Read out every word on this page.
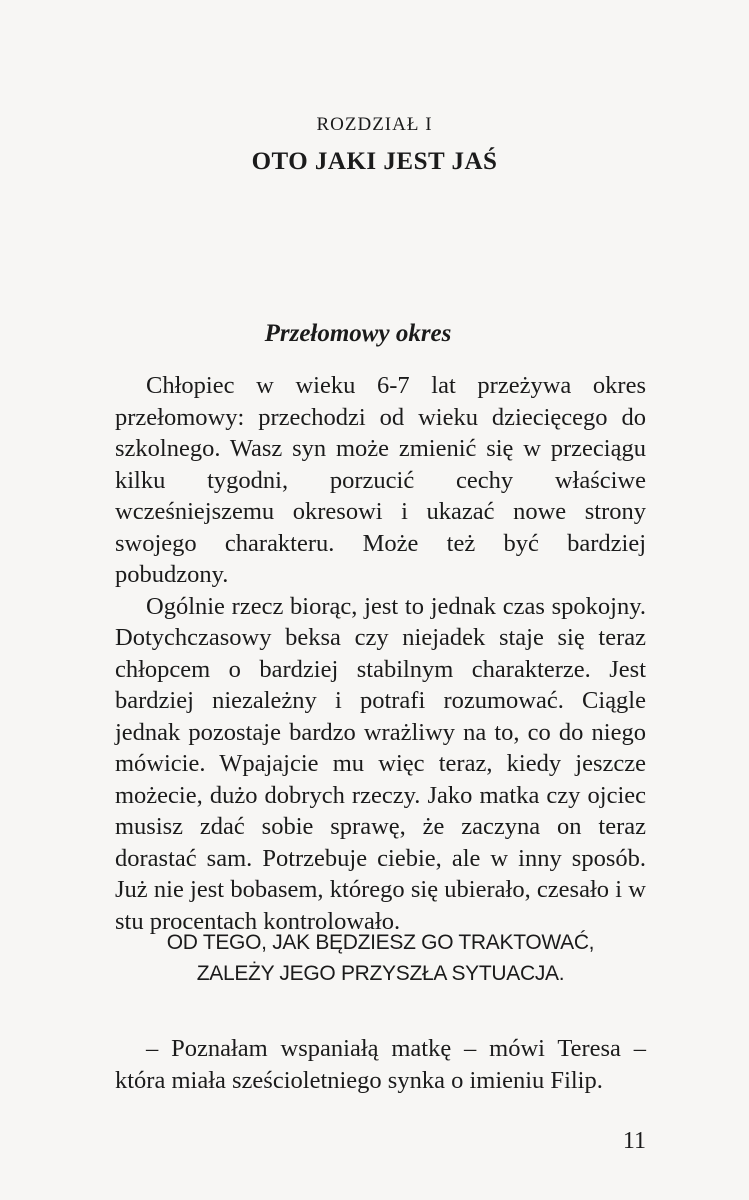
ROZDZIAŁ I
OTO JAKI JEST JAŚ
Przełomowy okres

Chłopiec w wieku 6-7 lat przeżywa okres przełomowy: przechodzi od wieku dziecięcego do szkolnego. Wasz syn może zmienić się w przeciągu kilku tygodni, porzucić cechy właściwe wcześniejszemu okresowi i ukazać nowe strony swojego charakteru. Może też być bardziej pobudzony.

Ogólnie rzecz biorąc, jest to jednak czas spokojny. Dotychczasowy beksa czy niejadek staje się teraz chłopcem o bardziej stabilnym charakterze. Jest bardziej niezależny i potrafi rozumować. Ciągle jednak pozostaje bardzo wrażliwy na to, co do niego mówicie. Wpajajcie mu więc teraz, kiedy jeszcze możecie, dużo dobrych rzeczy. Jako matka czy ojciec musisz zdać sobie sprawę, że zaczyna on teraz dorastać sam. Potrzebuje ciebie, ale w inny sposób. Już nie jest bobasem, którego się ubierało, czesało i w stu procentach kontrolowało.

OD TEGO, JAK BĘDZIESZ GO TRAKTOWAĆ,
ZALEŻY JEGO PRZYSZŁA SYTUACJA.

– Poznałam wspaniałą matkę – mówi Teresa – która miała sześcioletniego synka o imieniu Filip.

11
